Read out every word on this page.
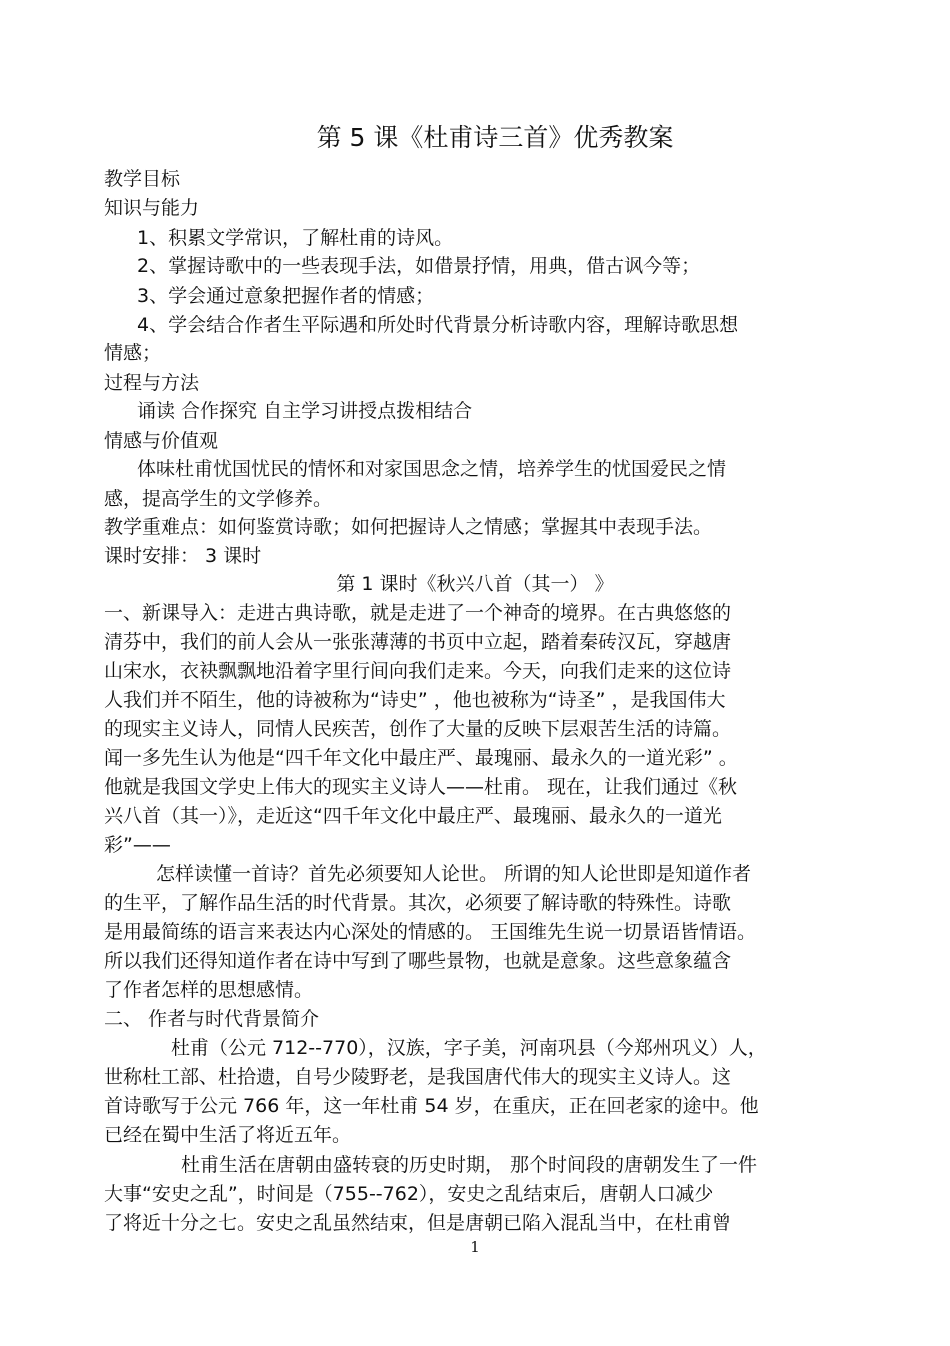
第 5 课《杜甫诗三首》优秀教案
教学目标
知识与能力
1、积累文学常识，了解杜甫的诗风。
2、掌握诗歌中的一些表现手法，如借景抒情，用典，借古讽今等；
3、学会通过意象把握作者的情感；
4、学会结合作者生平际遇和所处时代背景分析诗歌内容，理解诗歌思想
情感；
过程与方法
诵读 合作探究 自主学习讲授点拨相结合
情感与价值观
体味杜甫忧国忧民的情怀和对家国思念之情，培养学生的忧国爱民之情
感，提高学生的文学修养。
教学重难点：如何鉴赏诗歌；如何把握诗人之情感；掌握其中表现手法。
课时安排： 3 课时
第 1 课时《秋兴八首（其一） 》
一、新课导入：走进古典诗歌，就是走进了一个神奇的境界。在古典悠悠的
清芬中，我们的前人会从一张张薄薄的书页中立起，踏着秦砖汉瓦，穿越唐
山宋水，衣袂飘飘地沿着字里行间向我们走来。今天，向我们走来的这位诗
人我们并不陌生，他的诗被称为“诗史” ，他也被称为“诗圣” ，是我国伟大
的现实主义诗人，同情人民疾苦，创作了大量的反映下层艰苦生活的诗篇。
闻一多先生认为他是“四千年文化中最庄严、最瑰丽、最永久的一道光彩” 。
他就是我国文学史上伟大的现实主义诗人——杜甫。 现在，让我们通过《秋
兴八首（其一）》，走近这“四千年文化中最庄严、最瑰丽、最永久的一道光
彩”——
怎样读懂一首诗？首先必须要知人论世。 所谓的知人论世即是知道作者
的生平，了解作品生活的时代背景。其次，必须要了解诗歌的特殊性。诗歌
是用最简练的语言来表达内心深处的情感的。 王国维先生说一切景语皆情语。
所以我们还得知道作者在诗中写到了哪些景物，也就是意象。这些意象蕴含
了作者怎样的思想感情。
二、 作者与时代背景简介
杜甫（公元 712--770），汉族，字子美，河南巩县（今郑州巩义）人，
世称杜工部、杜拾遗，自号少陵野老，是我国唐代伟大的现实主义诗人。这
首诗歌写于公元 766 年，这一年杜甫 54 岁，在重庆，正在回老家的途中。他
已经在蜀中生活了将近五年。
杜甫生活在唐朝由盛转衰的历史时期， 那个时间段的唐朝发生了一件
大事“安史之乱”，时间是（755--762），安史之乱结束后，唐朝人口减少
了将近十分之七。安史之乱虽然结束，但是唐朝已陷入混乱当中，在杜甫曾
1
